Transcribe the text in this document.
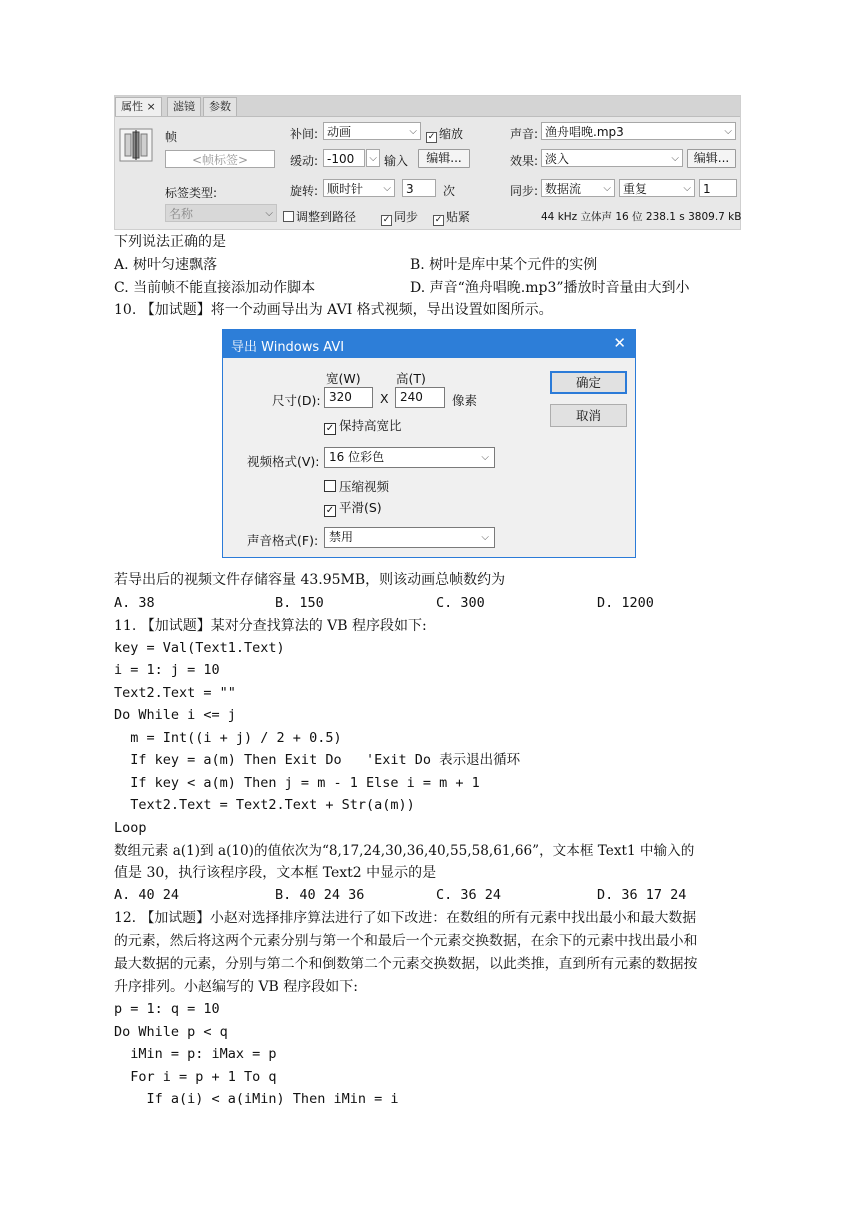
属性 ×	滤镜	参数
帧
<帧标签>
标签类型:
名称	⌵
补间: 动画	⌵ ✓ 缩放
缓动: -100	⌵ 输入	编辑...
旋转: 顺时针 ⌵	3	次
调整到路径	✓ 同步 ✓ 贴紧
声音: 渔舟唱晚.mp3	⌵
效果: 淡入	⌵	编辑...
同步: 数据流 ⌵	重复	⌵	1
44 kHz 立体声 16 位 238.1 s 3809.7 kB
下列说法正确的是
A. 树叶匀速飘落	B. 树叶是库中某个元件的实例
C. 当前帧不能直接添加动作脚本	D. 声音“渔舟唱晚.mp3”播放时音量由大到小
10. 【加试题】将一个动画导出为 AVI 格式视频，导出设置如图所示。
导出 Windows AVI	✕
宽(W)	高(T)
尺寸(D): 320	X 240	像素
✓ 保持高宽比
视频格式(V): 16 位彩色	⌵
压缩视频
✓ 平滑(S)
声音格式(F): 禁用	⌵
确定
取消
若导出后的视频文件存储容量 43.95MB，则该动画总帧数约为
A. 38	B. 150	C. 300	D. 1200
11. 【加试题】某对分查找算法的 VB 程序段如下:
key = Val(Text1.Text)
i = 1: j = 10
Text2.Text = ""
Do While i <= j
m = Int((i + j) / 2 + 0.5)
If key = a(m) Then Exit Do   'Exit Do 表示退出循环
If key < a(m) Then j = m - 1 Else i = m + 1
Text2.Text = Text2.Text + Str(a(m))
Loop
数组元素 a(1)到 a(10)的值依次为“8,17,24,30,36,40,55,58,61,66”，文本框 Text1 中输入的
值是 30，执行该程序段，文本框 Text2 中显示的是
A. 40 24	B. 40 24 36	C. 36 24	D. 36 17 24
12. 【加试题】小赵对选择排序算法进行了如下改进：在数组的所有元素中找出最小和最大数据
的元素，然后将这两个元素分别与第一个和最后一个元素交换数据，在余下的元素中找出最小和
最大数据的元素，分别与第二个和倒数第二个元素交换数据，以此类推，直到所有元素的数据按
升序排列。小赵编写的 VB 程序段如下:
p = 1: q = 10
Do While p < q
iMin = p: iMax = p
For i = p + 1 To q
If a(i) < a(iMin) Then iMin = i
